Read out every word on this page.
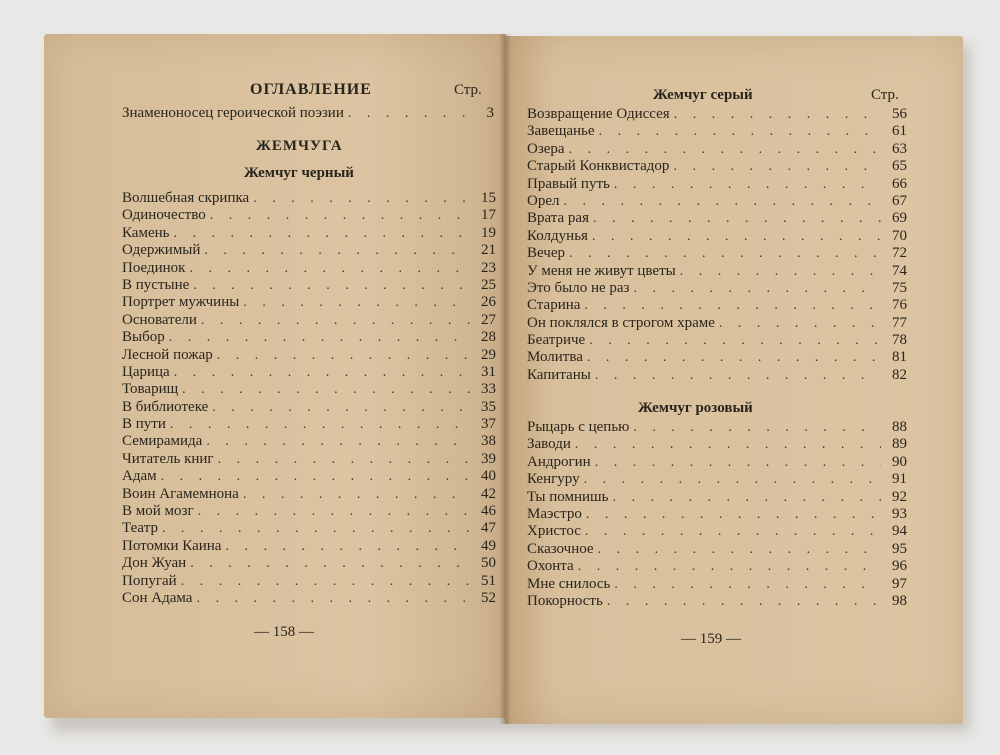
ОГЛАВЛЕНИЕ	Стр.
Знаменоносец героической поэзии . . .	3
ЖЕМЧУГА
Жемчуг черный
Волшебная скрипка . . .	15
Одиночество . . .	17
Камень . . .	19
Одержимый . . .	21
Поединок . . .	23
В пустыне . . .	25
Портрет мужчины . . .	26
Основатели . . .	27
Выбор . . .	28
Лесной пожар . . .	29
Царица . . .	31
Товарищ . . .	33
В библиотеке . . .	35
В пути . . .	37
Семирамида . . .	38
Читатель книг . . .	39
Адам . . .	40
Воин Агамемнона . . .	42
В мой мозг . . .	46
Театр . . .	47
Потомки Каина . . .	49
Дон Жуан . . .	50
Попугай . . .	51
Сон Адама . . .	52
— 158 —
Жемчуг серый	Стр.
Возвращение Одиссея . . .	56
Завещанье . . .	61
Озера . . .	63
Старый Конквистадор . . .	65
Правый путь . . .	66
Орел . . .	67
Врата рая . . .	69
Колдунья . . .	70
Вечер . . .	72
У меня не живут цветы . . .	74
Это было не раз . . .	75
Старина . . .	76
Он поклялся в строгом храме . . .	77
Беатриче . . .	78
Молитва . . .	81
Капитаны . . .	82
Жемчуг розовый
Рыцарь с цепью . . .	88
Заводи . . .	89
Андрогин . . .	90
Кенгуру . . .	91
Ты помнишь . . .	92
Маэстро . . .	93
Христос . . .	94
Сказочное . . .	95
Охонта . . .	96
Мне снилось . . .	97
Покорность . . .	98
— 159 —
